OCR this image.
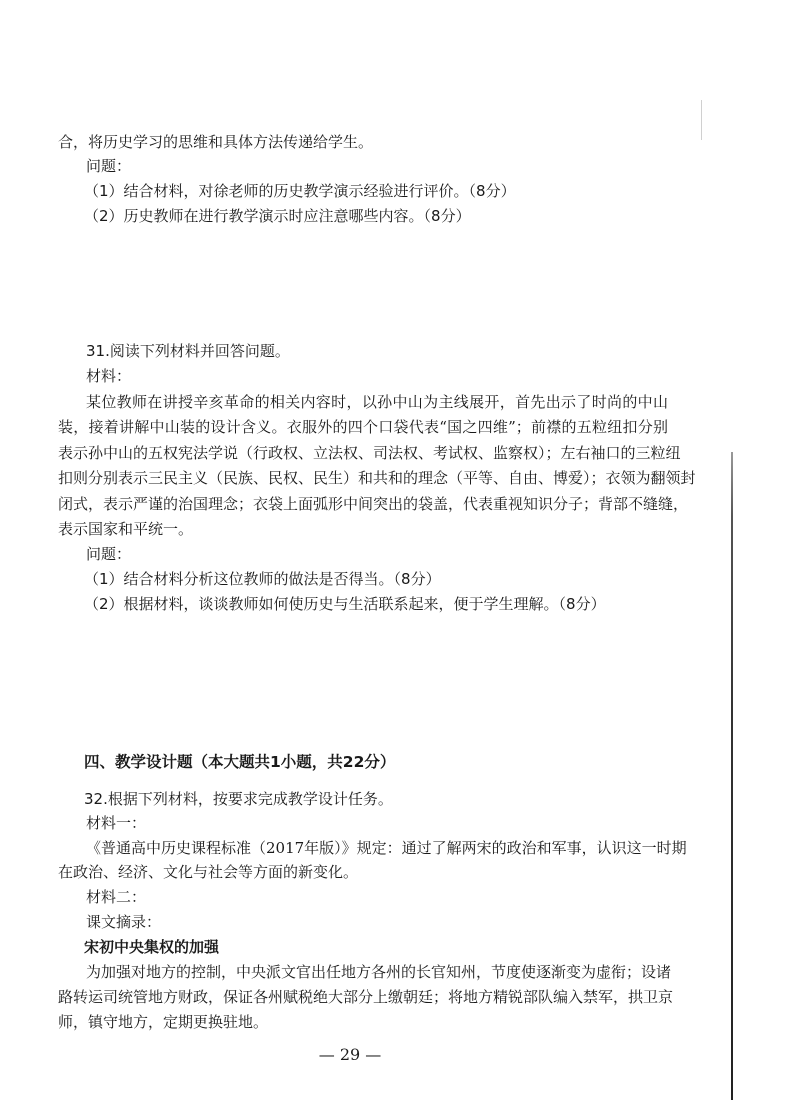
合，将历史学习的思维和具体方法传递给学生。

问题：

（1）结合材料，对徐老师的历史教学演示经验进行评价。（8分）

（2）历史教师在进行教学演示时应注意哪些内容。（8分）

31.阅读下列材料并回答问题。

材料：

某位教师在讲授辛亥革命的相关内容时，以孙中山为主线展开，首先出示了时尚的中山

装，接着讲解中山装的设计含义。衣服外的四个口袋代表“国之四维”；前襟的五粒纽扣分别

表示孙中山的五权宪法学说（行政权、立法权、司法权、考试权、监察权）；左右袖口的三粒纽

扣则分别表示三民主义（民族、民权、民生）和共和的理念（平等、自由、博爱）；衣领为翻领封

闭式，表示严谨的治国理念；衣袋上面弧形中间突出的袋盖，代表重视知识分子；背部不缝缝，

表示国家和平统一。

问题：

（1）结合材料分析这位教师的做法是否得当。（8分）

（2）根据材料，谈谈教师如何使历史与生活联系起来，便于学生理解。（8分）

四、教学设计题（本大题共1小题，共22分）

32.根据下列材料，按要求完成教学设计任务。

材料一：

《普通高中历史课程标准（2017年版）》规定：通过了解两宋的政治和军事，认识这一时期

在政治、经济、文化与社会等方面的新变化。

材料二：

课文摘录：

宋初中央集权的加强

为加强对地方的控制，中央派文官出任地方各州的长官知州，节度使逐渐变为虚衔；设诸

路转运司统管地方财政，保证各州赋税绝大部分上缴朝廷；将地方精锐部队编入禁军，拱卫京

师，镇守地方，定期更换驻地。

— 29 —
